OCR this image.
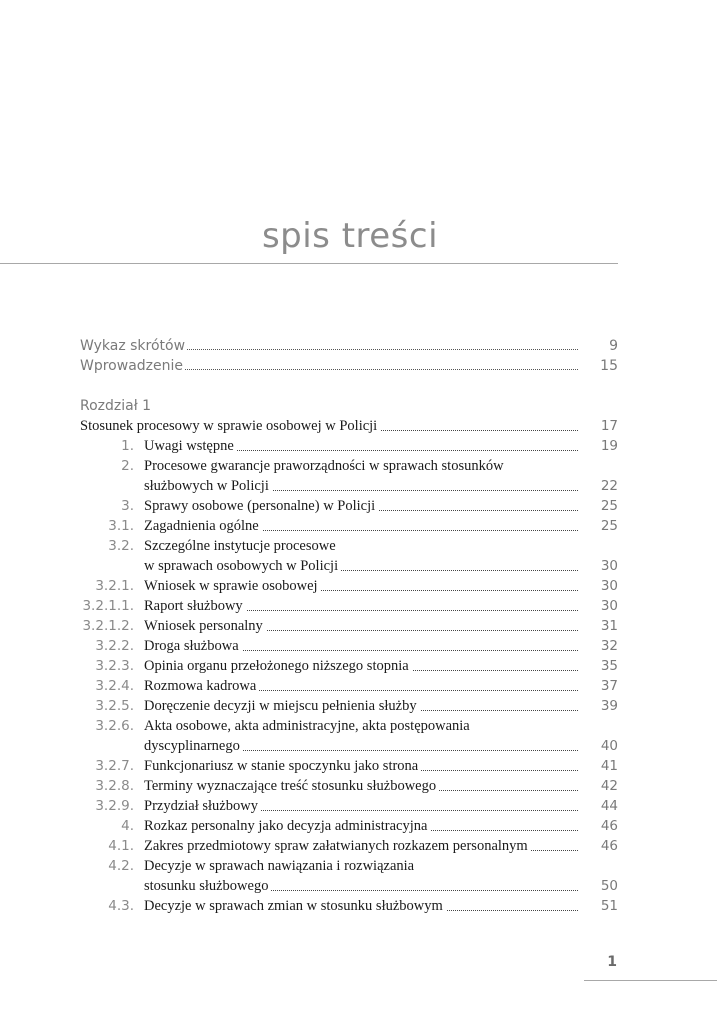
spis treści
Wykaz skrótów	9
Wprowadzenie	15
Rozdział 1
Stosunek procesowy w sprawie osobowej w Policji	17
1. Uwagi wstępne	19
2. Procesowe gwarancje praworządności w sprawach stosunków
służbowych w Policji	22
3. Sprawy osobowe (personalne) w Policji	25
3.1. Zagadnienia ogólne	25
3.2. Szczególne instytucje procesowe
w sprawach osobowych w Policji	30
3.2.1. Wniosek w sprawie osobowej	30
3.2.1.1. Raport służbowy	30
3.2.1.2. Wniosek personalny	31
3.2.2. Droga służbowa	32
3.2.3. Opinia organu przełożonego niższego stopnia	35
3.2.4. Rozmowa kadrowa	37
3.2.5. Doręczenie decyzji w miejscu pełnienia służby	39
3.2.6. Akta osobowe, akta administracyjne, akta postępowania
dyscyplinarnego	40
3.2.7. Funkcjonariusz w stanie spoczynku jako strona	41
3.2.8. Terminy wyznaczające treść stosunku służbowego	42
3.2.9. Przydział służbowy	44
4. Rozkaz personalny jako decyzja administracyjna	46
4.1. Zakres przedmiotowy spraw załatwianych rozkazem personalnym	46
4.2. Decyzje w sprawach nawiązania i rozwiązania
stosunku służbowego	50
4.3. Decyzje w sprawach zmian w stosunku służbowym	51
1
